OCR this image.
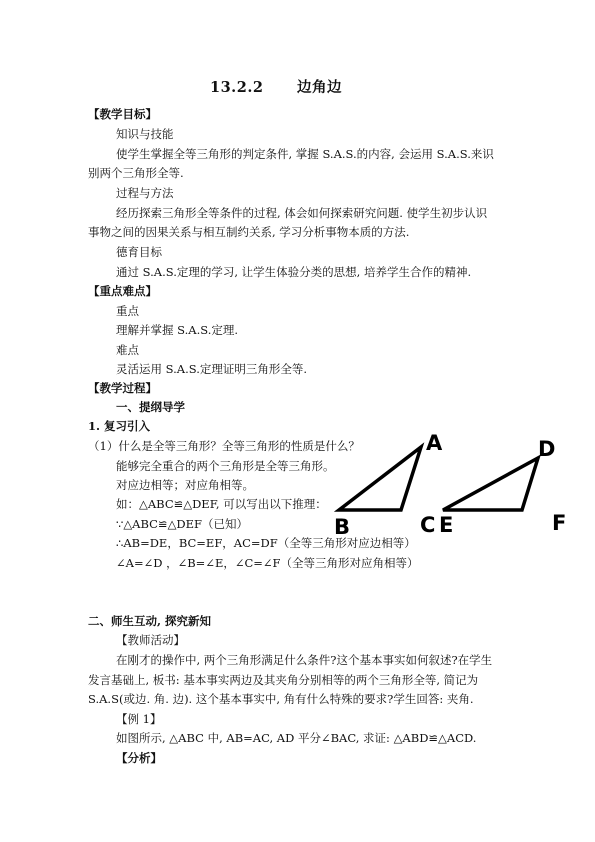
13.2.2 边角边
【教学目标】
知识与技能
使学生掌握全等三角形的判定条件, 掌握 S.A.S.的内容, 会运用 S.A.S.来识
别两个三角形全等.
过程与方法
经历探索三角形全等条件的过程, 体会如何探索研究问题. 使学生初步认识
事物之间的因果关系与相互制约关系, 学习分析事物本质的方法.
德育目标
通过 S.A.S.定理的学习, 让学生体验分类的思想, 培养学生合作的精神.
【重点难点】
重点
理解并掌握 S.A.S.定理.
难点
灵活运用 S.A.S.定理证明三角形全等.
【教学过程】
一、提纲导学
1. 复习引入
（1）什么是全等三角形？全等三角形的性质是什么？
能够完全重合的两个三角形是全等三角形。
对应边相等；对应角相等。
如：△ABC≌△DEF, 可以写出以下推理：
∵△ABC≌△DEF（已知）
∴AB=DE，BC=EF，AC=DF（全等三角形对应边相等）
∠A=∠D ，∠B=∠E，∠C=∠F（全等三角形对应角相等）
A
B	C E
D
F
二、师生互动, 探究新知
【教师活动】
在刚才的操作中, 两个三角形满足什么条件?这个基本事实如何叙述?在学生
发言基础上, 板书: 基本事实两边及其夹角分别相等的两个三角形全等, 简记为
S.A.S(或边. 角. 边). 这个基本事实中, 角有什么特殊的要求?学生回答: 夹角.
【例 1】
如图所示, △ABC 中, AB=AC, AD 平分∠BAC, 求证: △ABD≌△ACD.
【分析】
